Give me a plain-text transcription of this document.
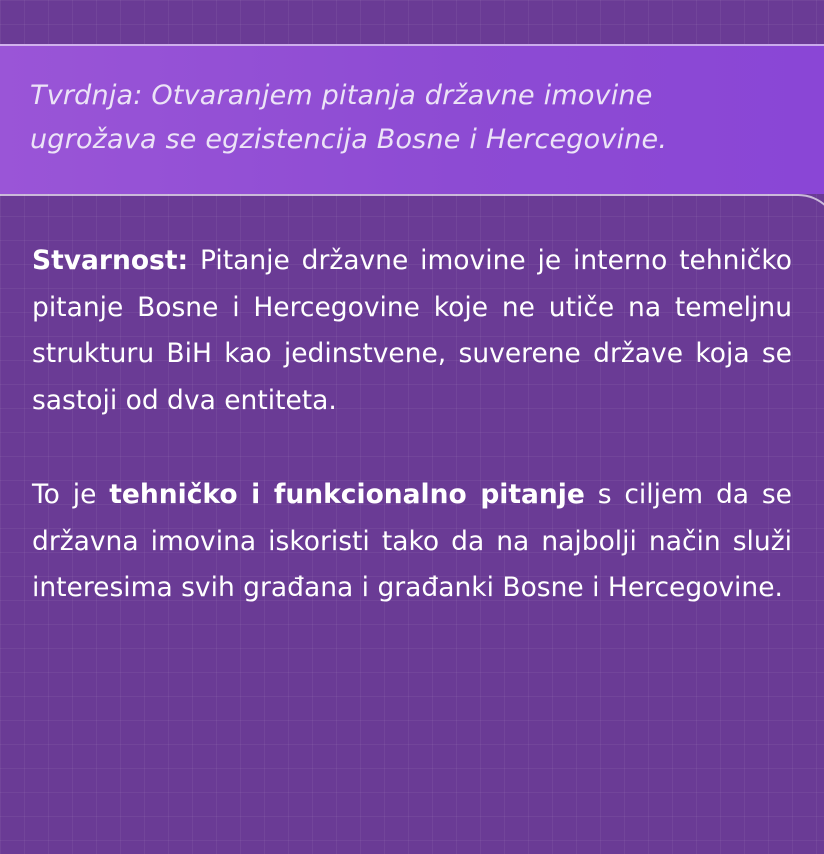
Tvrdnja: Otvaranjem pitanja državne imovine ugrožava se egzistencija Bosne i Hercegovine.

Stvarnost: Pitanje državne imovine je interno tehničko pitanje Bosne i Hercegovine koje ne utiče na temeljnu strukturu BiH kao jedinstvene, suverene države koja se sastoji od dva entiteta.

To je tehničko i funkcionalno pitanje s ciljem da se državna imovina iskoristi tako da na najbolji način služi interesima svih građana i građanki Bosne i Hercegovine.
